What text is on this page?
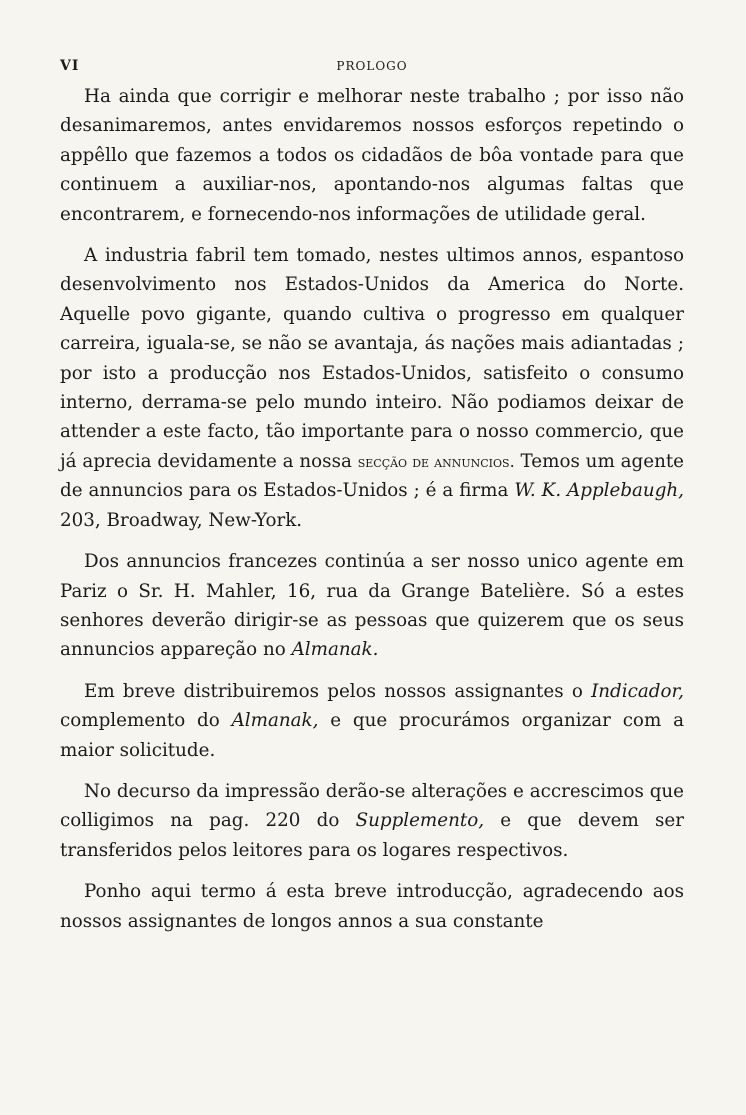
VI	PROLOGO

Ha ainda que corrigir e melhorar neste trabalho ; por isso não desanimaremos, antes envidaremos nossos esforços repetindo o appêllo que fazemos a todos os cidadãos de bôa vontade para que continuem a auxiliar-nos, apontando-nos algumas faltas que encontrarem, e fornecendo-nos informações de utilidade geral.

A industria fabril tem tomado, nestes ultimos annos, espantoso desenvolvimento nos Estados-Unidos da America do Norte. Aquelle povo gigante, quando cultiva o progresso em qualquer carreira, iguala-se, se não se avantaja, ás nações mais adiantadas ; por isto a producção nos Estados-Unidos, satisfeito o consumo interno, derrama-se pelo mundo inteiro. Não podiamos deixar de attender a este facto, tão importante para o nosso commercio, que já aprecia devidamente a nossa secção de annuncios. Temos um agente de annuncios para os Estados-Unidos ; é a firma W. K. Applebaugh, 203, Broadway, New-York.

Dos annuncios francezes continúa a ser nosso unico agente em Pariz o Sr. H. Mahler, 16, rua da Grange Batelière. Só a estes senhores deverão dirigir-se as pessoas que quizerem que os seus annuncios appareção no Almanak.

Em breve distribuiremos pelos nossos assignantes o Indicador, complemento do Almanak, e que procurámos organizar com a maior solicitude.

No decurso da impressão derão-se alterações e accrescimos que colligimos na pag. 220 do Supplemento, e que devem ser transferidos pelos leitores para os logares respectivos.

Ponho aqui termo á esta breve introducção, agradecendo aos nossos assignantes de longos annos a sua constante
